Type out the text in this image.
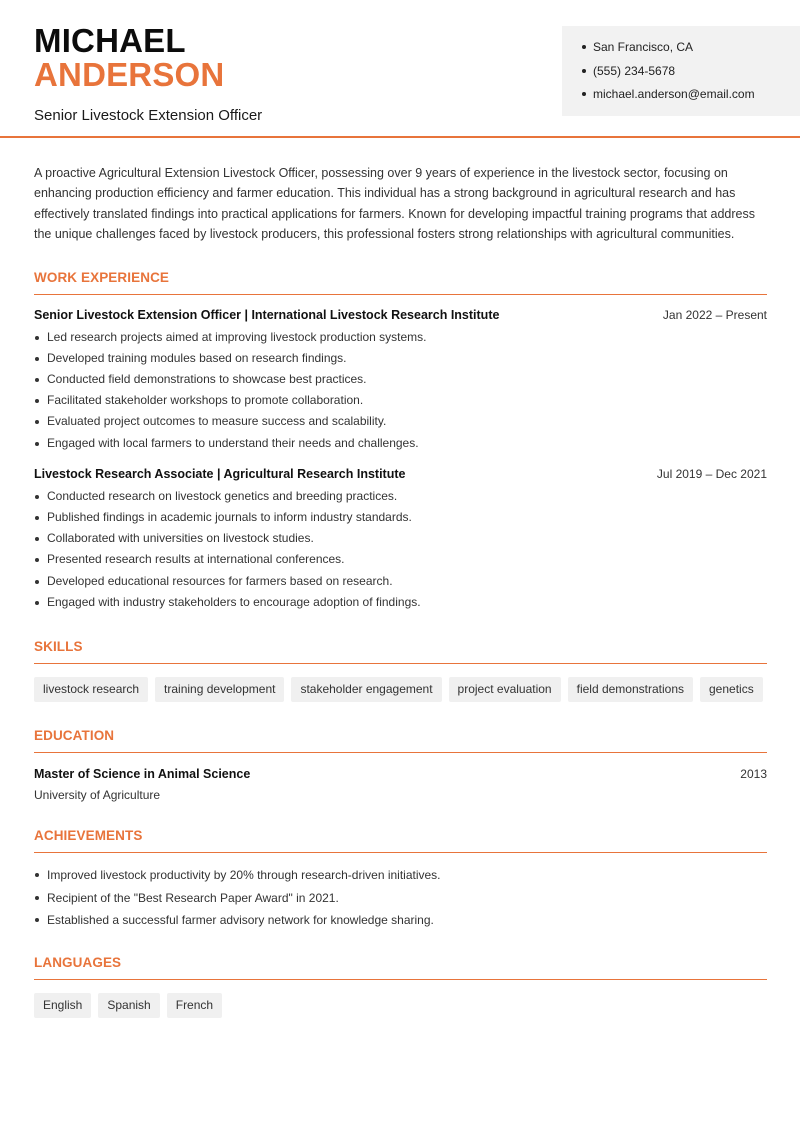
MICHAEL
ANDERSON
Senior Livestock Extension Officer
San Francisco, CA
(555) 234-5678
michael.anderson@email.com

A proactive Agricultural Extension Livestock Officer, possessing over 9 years of experience in the livestock sector, focusing on enhancing production efficiency and farmer education. This individual has a strong background in agricultural research and has effectively translated findings into practical applications for farmers. Known for developing impactful training programs that address the unique challenges faced by livestock producers, this professional fosters strong relationships with agricultural communities.

WORK EXPERIENCE
Senior Livestock Extension Officer | International Livestock Research Institute	Jan 2022 – Present
Led research projects aimed at improving livestock production systems.
Developed training modules based on research findings.
Conducted field demonstrations to showcase best practices.
Facilitated stakeholder workshops to promote collaboration.
Evaluated project outcomes to measure success and scalability.
Engaged with local farmers to understand their needs and challenges.
Livestock Research Associate | Agricultural Research Institute	Jul 2019 – Dec 2021
Conducted research on livestock genetics and breeding practices.
Published findings in academic journals to inform industry standards.
Collaborated with universities on livestock studies.
Presented research results at international conferences.
Developed educational resources for farmers based on research.
Engaged with industry stakeholders to encourage adoption of findings.
SKILLS
livestock research	training development	stakeholder engagement	project evaluation	field demonstrations	genetics
EDUCATION
Master of Science in Animal Science	2013
University of Agriculture
ACHIEVEMENTS
Improved livestock productivity by 20% through research-driven initiatives.
Recipient of the "Best Research Paper Award" in 2021.
Established a successful farmer advisory network for knowledge sharing.
LANGUAGES
English	Spanish	French
